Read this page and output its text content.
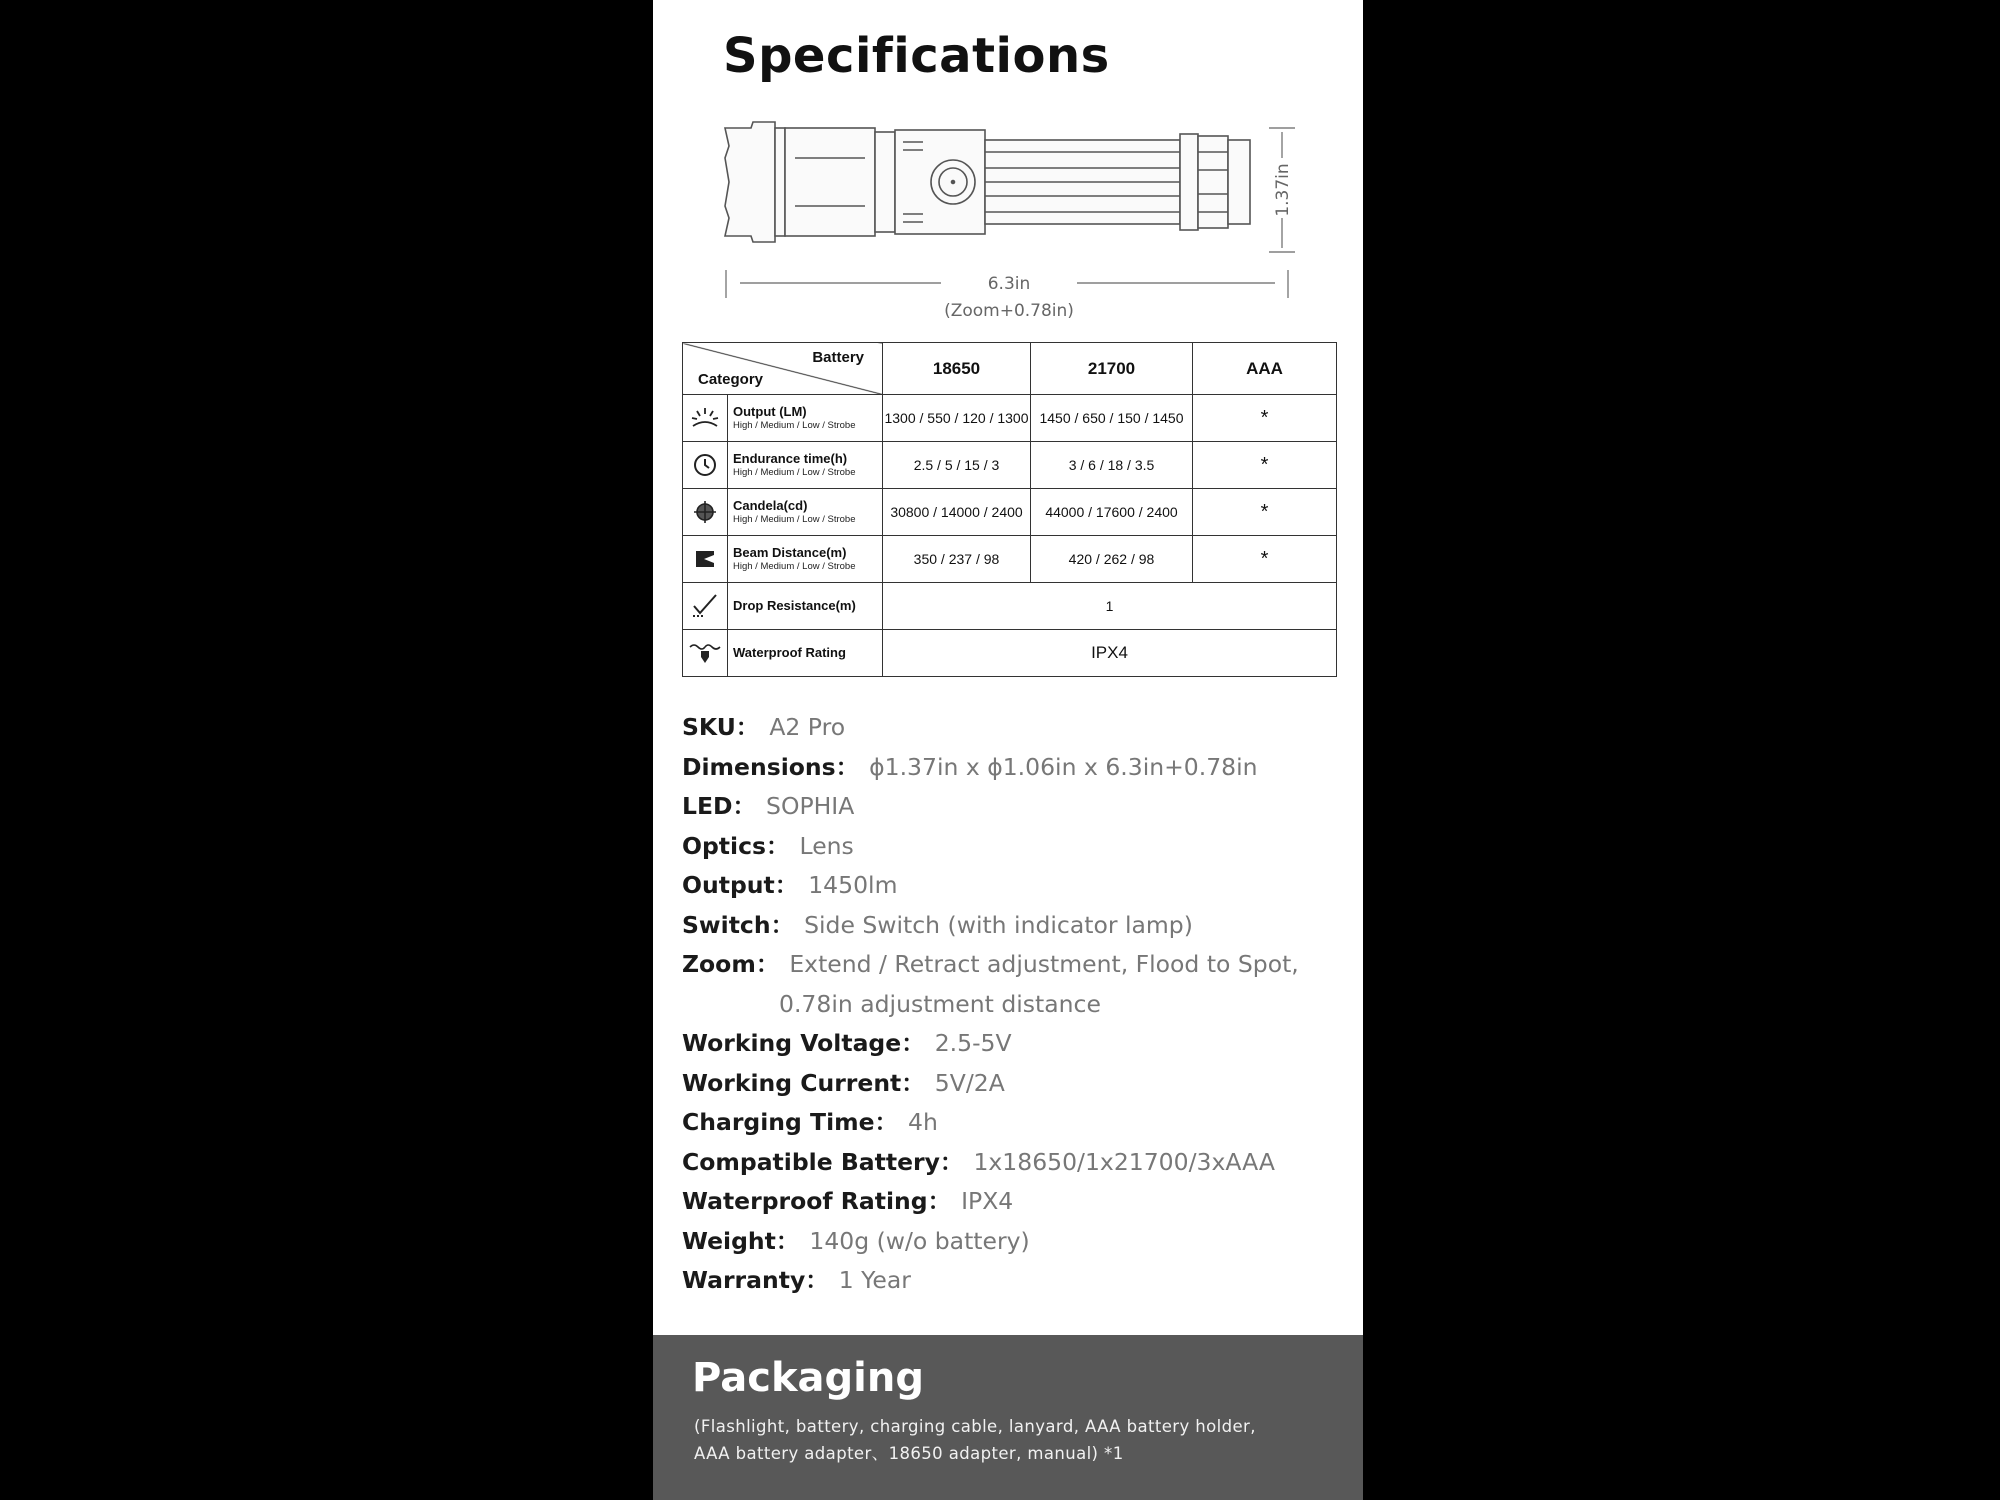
Specifications
6.3in
(Zoom+0.78in)
1.37in
Battery
Category		18650	21700	AAA

Output (LM)
High / Medium / Low / Strobe	1300 / 550 / 120 / 1300	1450 / 650 / 150 / 1450	*

Endurance time(h)
High / Medium / Low / Strobe	2.5 / 5 / 15 / 3	3 / 6 / 18 / 3.5	*

Candela(cd)
High / Medium / Low / Strobe	30800 / 14000 / 2400	44000 / 17600 / 2400	*

Beam Distance(m)
High / Medium / Low / Strobe	350 / 237 / 98	420 / 262 / 98	*

	Drop Resistance(m)	1		

	Waterproof Rating	IPX4		
SKU： A2 Pro
Dimensions： ϕ1.37in x ϕ1.06in x 6.3in+0.78in
LED： SOPHIA
Optics： Lens
Output： 1450lm
Switch： Side Switch (with indicator lamp)
Zoom： Extend / Retract adjustment, Flood to Spot,
0.78in adjustment distance
Working Voltage： 2.5-5V
Working Current： 5V/2A
Charging Time： 4h
Compatible Battery： 1x18650/1x21700/3xAAA
Waterproof Rating： IPX4
Weight： 140g (w/o battery)
Warranty： 1 Year
Packaging
(Flashlight, battery, charging cable, lanyard, AAA battery holder,
AAA battery adapter、18650 adapter, manual) *1
